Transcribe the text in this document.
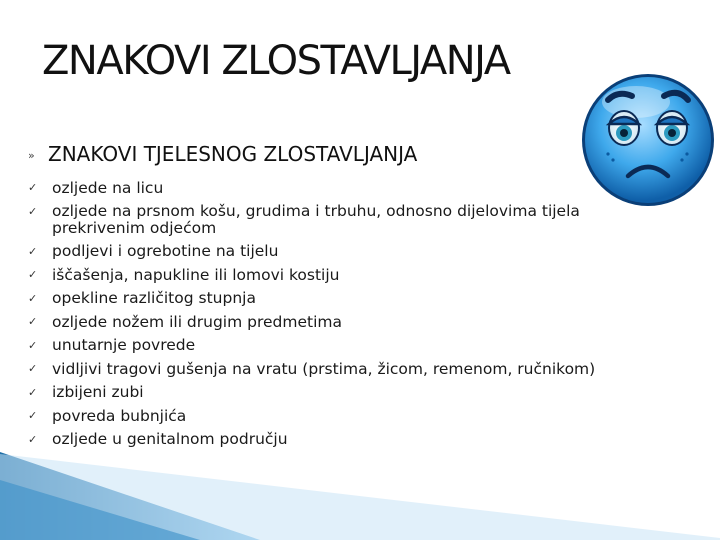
ZNAKOVI ZLOSTAVLJANJA
» ZNAKOVI TJELESNOG ZLOSTAVLJANJA
✓ ozljede na licu
✓ ozljede na prsnom košu, grudima i trbuhu, odnosno dijelovima tijela prekrivenim odjećom
✓ podljevi i ogrebotine na tijelu
✓ iščašenja, napukline ili lomovi kostiju
✓ opekline različitog stupnja
✓ ozljede nožem ili drugim predmetima
✓ unutarnje povrede
✓ vidljivi tragovi gušenja na vratu (prstima, žicom, remenom, ručnikom)
✓ izbijeni zubi
✓ povreda bubnjića
✓ ozljede u genitalnom području
